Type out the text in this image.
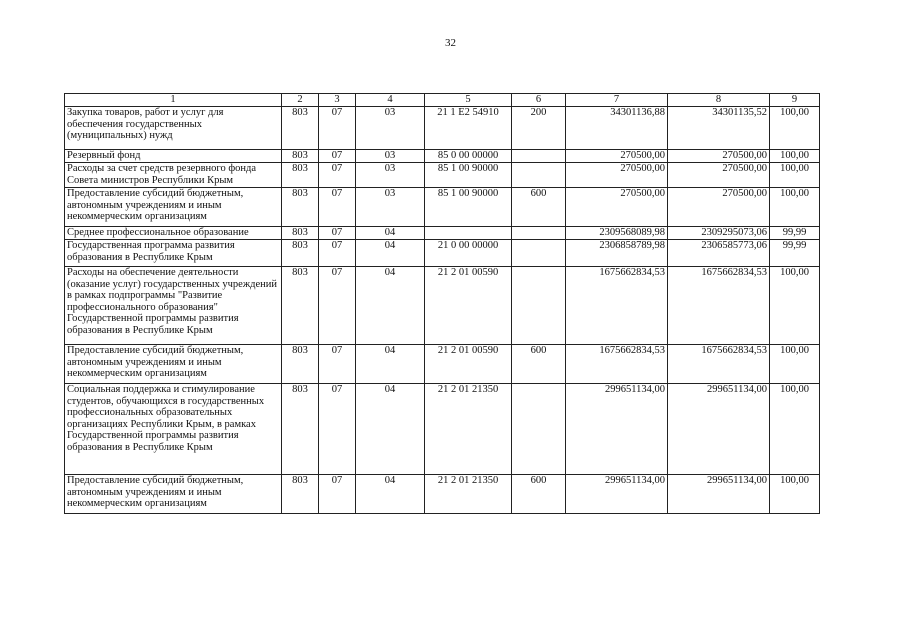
32
1	2	3	4	5	6	7	8	9
Закупка товаров, работ и услуг для обеспечения государственных (муниципальных) нужд	803	07	03	21 1 Е2 54910	200	34301136,88	34301135,52	100,00
Резервный фонд	803	07	03	85 0 00 00000		270500,00	270500,00	100,00
Расходы за счет средств резервного фонда Совета министров Республики Крым	803	07	03	85 1 00 90000		270500,00	270500,00	100,00
Предоставление субсидий бюджетным, автономным учреждениям и иным некоммерческим организациям	803	07	03	85 1 00 90000	600	270500,00	270500,00	100,00
Среднее профессиональное образование	803	07	04			2309568089,98	2309295073,06	99,99
Государственная программа развития образования в Республике Крым	803	07	04	21 0 00 00000		2306858789,98	2306585773,06	99,99
Расходы на обеспечение деятельности (оказание услуг) государственных учреждений в рамках подпрограммы "Развитие профессионального образования" Государственной программы развития образования в Республике Крым	803	07	04	21 2 01 00590		1675662834,53	1675662834,53	100,00
Предоставление субсидий бюджетным, автономным учреждениям и иным некоммерческим организациям	803	07	04	21 2 01 00590	600	1675662834,53	1675662834,53	100,00
Социальная поддержка и стимулирование студентов, обучающихся в государственных профессиональных образовательных организациях Республики Крым, в рамках Государственной программы развития образования в Республике Крым	803	07	04	21 2 01 21350		299651134,00	299651134,00	100,00
Предоставление субсидий бюджетным, автономным учреждениям и иным некоммерческим организациям	803	07	04	21 2 01 21350	600	299651134,00	299651134,00	100,00
